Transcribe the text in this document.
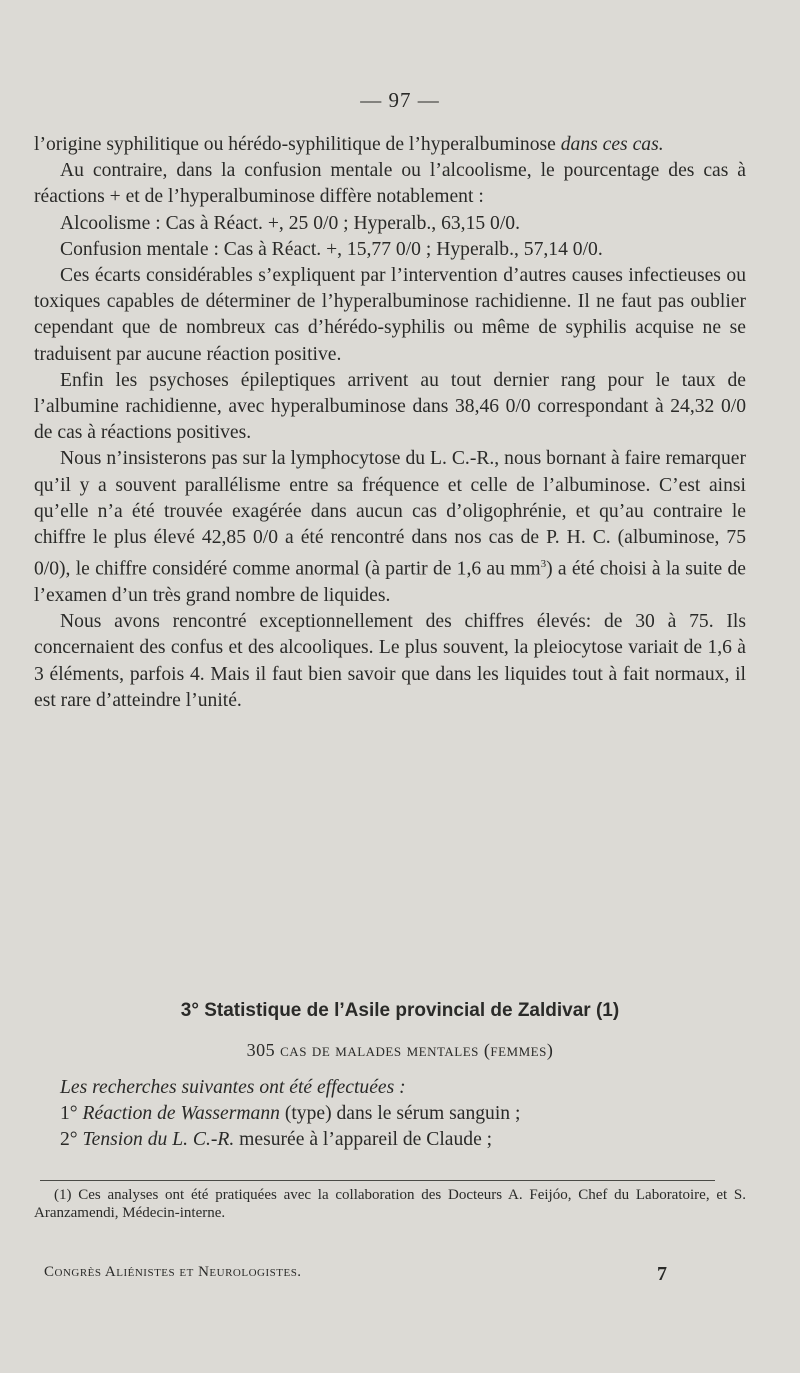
— 97 —

l’origine syphilitique ou hérédo-syphilitique de l’hyperalbuminose dans ces cas.

Au contraire, dans la confusion mentale ou l’alcoolisme, le pourcentage des cas à réactions + et de l’hyperalbuminose diffère notablement :

Alcoolisme : Cas à Réact. +, 25 0/0 ; Hyperalb., 63,15 0/0.

Confusion mentale : Cas à Réact. +, 15,77 0/0 ; Hyperalb., 57,14 0/0.

Ces écarts considérables s’expliquent par l’intervention d’autres causes infectieuses ou toxiques capables de déterminer de l’hyperalbuminose rachidienne. Il ne faut pas oublier cependant que de nombreux cas d’hérédo-syphilis ou même de syphilis acquise ne se traduisent par aucune réaction positive.

Enfin les psychoses épileptiques arrivent au tout dernier rang pour le taux de l’albumine rachidienne, avec hyperalbuminose dans 38,46 0/0 correspondant à 24,32 0/0 de cas à réactions positives.

Nous n’insisterons pas sur la lymphocytose du L. C.-R., nous bornant à faire remarquer qu’il y a souvent parallélisme entre sa fréquence et celle de l’albuminose. C’est ainsi qu’elle n’a été trouvée exagérée dans aucun cas d’oligophrénie, et qu’au contraire le chiffre le plus élevé 42,85 0/0 a été rencontré dans nos cas de P. H. C. (albuminose, 75 0/0), le chiffre considéré comme anormal (à partir de 1,6 au $mm^3$) a été choisi à la suite de l’examen d’un très grand nombre de liquides.

Nous avons rencontré exceptionnellement des chiffres élevés: de 30 à 75. Ils concernaient des confus et des alcooliques. Le plus souvent, la pleiocytose variait de 1,6 à 3 éléments, parfois 4. Mais il faut bien savoir que dans les liquides tout à fait normaux, il est rare d’atteindre l’unité.

3° Statistique de l’Asile provincial de Zaldivar (1)
305 cas de malades mentales (femmes)

Les recherches suivantes ont été effectuées :

1° Réaction de Wassermann (type) dans le sérum sanguin ;

2° Tension du L. C.-R. mesurée à l’appareil de Claude ;

(1) Ces analyses ont été pratiquées avec la collaboration des Docteurs A. Feijóo, Chef du Laboratoire, et S. Aranzamendi, Médecin-interne.

Congrès Aliénistes et Neurologistes.	7
